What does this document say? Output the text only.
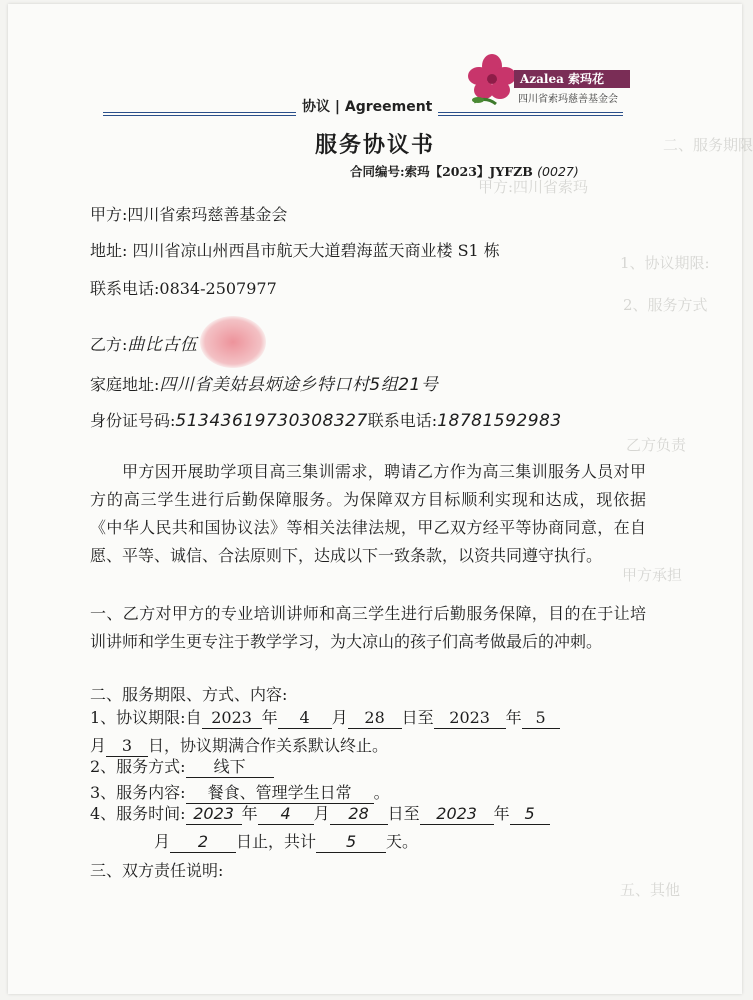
二、服务期限
甲方:四川省索玛
1、协议期限:
2、服务方式
乙方负责
甲方承担
五、其他
Azalea 索玛花
四川省索玛慈善基金会
协议 | Agreement
服务协议书
合同编号:索玛【2023】JYFZB (0027)
甲方:四川省索玛慈善基金会
地址: 四川省凉山州西昌市航天大道碧海蓝天商业楼 S1 栋
联系电话:0834-2507977
乙方:曲比古伍
家庭地址:四川省美姑县炳途乡特口村5组21号
身份证号码:51343619730308327联系电话:18781592983
甲方因开展助学项目高三集训需求，聘请乙方作为高三集训服务人员对甲方的高三学生进行后勤保障服务。为保障双方目标顺利实现和达成，现依据《中华人民共和国协议法》等相关法律法规，甲乙双方经平等协商同意，在自愿、平等、诚信、合法原则下，达成以下一致条款，以资共同遵守执行。
一、乙方对甲方的专业培训讲师和高三学生进行后勤服务保障，目的在于让培训讲师和学生更专注于教学学习，为大凉山的孩子们高考做最后的冲刺。
二、服务期限、方式、内容:
1、协议期限:自 2023 年 4 月 28 日至 2023 年 5
月 3 日，协议期满合作关系默认终止。
2、服务方式: 线下
3、服务内容: 餐食、管理学生日常 。
4、服务时间: 2023 年 4 月 28 日至 2023 年 5
月 2 日止，共计 5 天。
三、双方责任说明:
